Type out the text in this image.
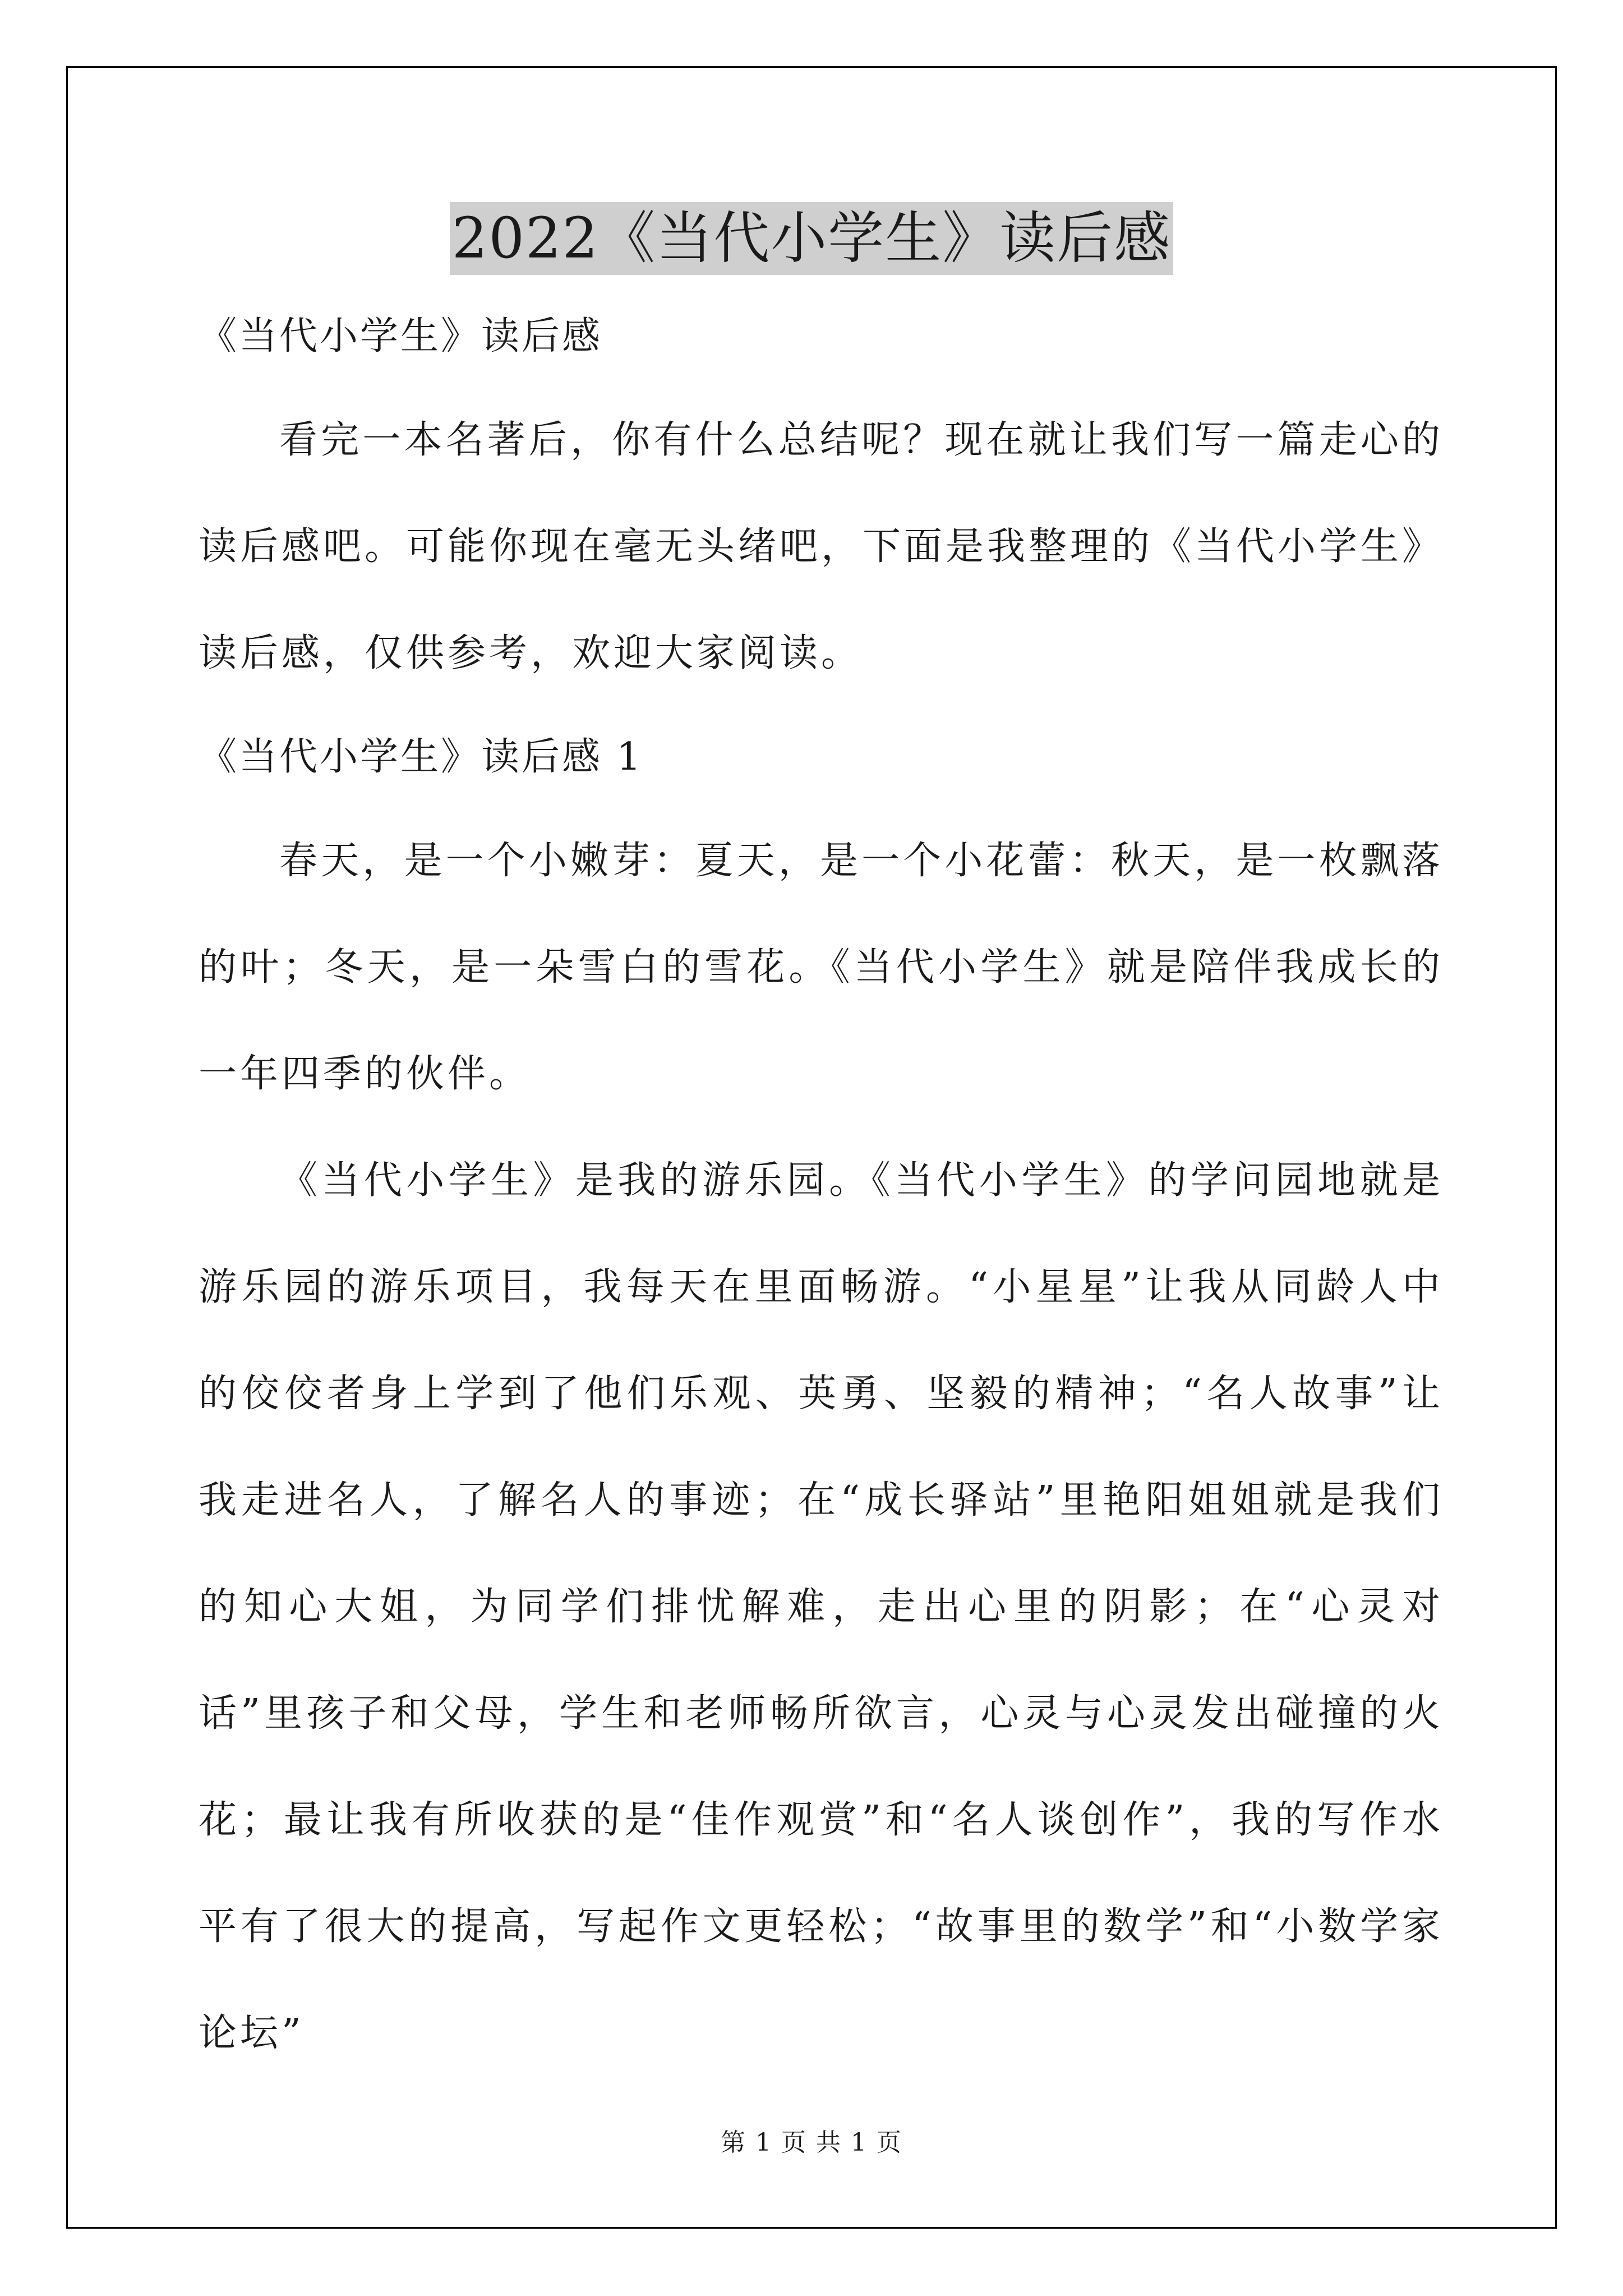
2022《当代小学生》读后感

《当代小学生》读后感

看完一本名著后，你有什么总结呢？现在就让我们写一篇走心的读后感吧。可能你现在毫无头绪吧，下面是我整理的《当代小学生》读后感，仅供参考，欢迎大家阅读。

《当代小学生》读后感 1

春天，是一个小嫩芽：夏天，是一个小花蕾：秋天，是一枚飘落的叶；冬天，是一朵雪白的雪花。《当代小学生》就是陪伴我成长的一年四季的伙伴。

《当代小学生》是我的游乐园。《当代小学生》的学问园地就是游乐园的游乐项目，我每天在里面畅游。“小星星”让我从同龄人中的佼佼者身上学到了他们乐观、英勇、坚毅的精神；“名人故事”让我走进名人，了解名人的事迹；在“成长驿站”里艳阳姐姐就是我们的知心大姐，为同学们排忧解难，走出心里的阴影；在“心灵对话”里孩子和父母，学生和老师畅所欲言，心灵与心灵发出碰撞的火花；最让我有所收获的是“佳作观赏”和“名人谈创作”，我的写作水平有了很大的提高，写起作文更轻松；“故事里的数学”和“小数学家论坛”

第 1 页 共 1 页
